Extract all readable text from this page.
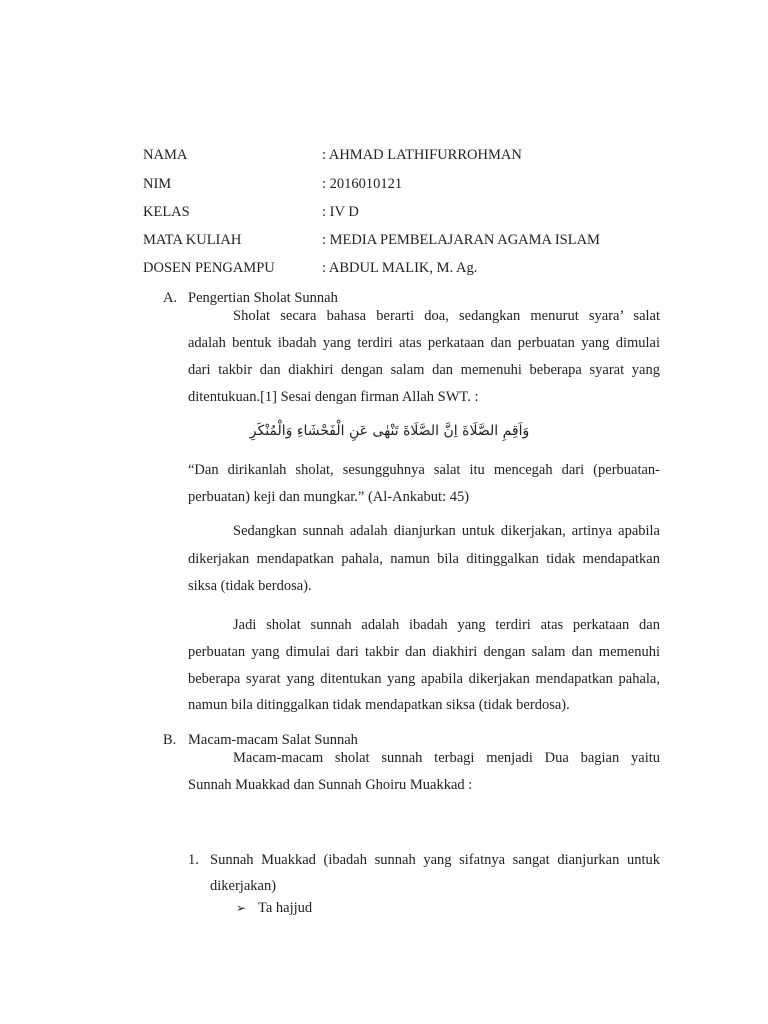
NAMA	: AHMAD LATHIFURROHMAN
NIM	: 2016010121
KELAS	: IV D
MATA KULIAH	: MEDIA PEMBELAJARAN AGAMA ISLAM
DOSEN PENGAMPU	: ABDUL MALIK, M. Ag.
A. Pengertian Sholat Sunnah
Sholat secara bahasa berarti doa, sedangkan menurut syara’ salat
adalah bentuk ibadah yang terdiri atas perkataan dan perbuatan yang dimulai
dari takbir dan diakhiri dengan salam dan memenuhi beberapa syarat yang
ditentukuan.[1] Sesai dengan firman Allah SWT. :
وَاَقِمِ الصَّلَاةَ اِنَّ الصَّلَاةَ تَنْهٰى عَنِ الْفَحْشَاءِ وَالْمُنْكَرِ
“Dan dirikanlah sholat, sesungguhnya salat itu mencegah dari (perbuatan-
perbuatan) keji dan mungkar.” (Al-Ankabut: 45)
Sedangkan sunnah adalah dianjurkan untuk dikerjakan, artinya apabila
dikerjakan mendapatkan pahala, namun bila ditinggalkan tidak mendapatkan
siksa (tidak berdosa).
Jadi sholat sunnah adalah ibadah yang terdiri atas perkataan dan
perbuatan yang dimulai dari takbir dan diakhiri dengan salam dan memenuhi
beberapa syarat yang ditentukan yang apabila dikerjakan mendapatkan pahala,
namun bila ditinggalkan tidak mendapatkan siksa (tidak berdosa).
B. Macam-macam Salat Sunnah
Macam-macam sholat sunnah terbagi menjadi Dua bagian yaitu
Sunnah Muakkad dan Sunnah Ghoiru Muakkad :
1. Sunnah Muakkad (ibadah sunnah yang sifatnya sangat dianjurkan untuk
dikerjakan)
➢ Ta hajjud
